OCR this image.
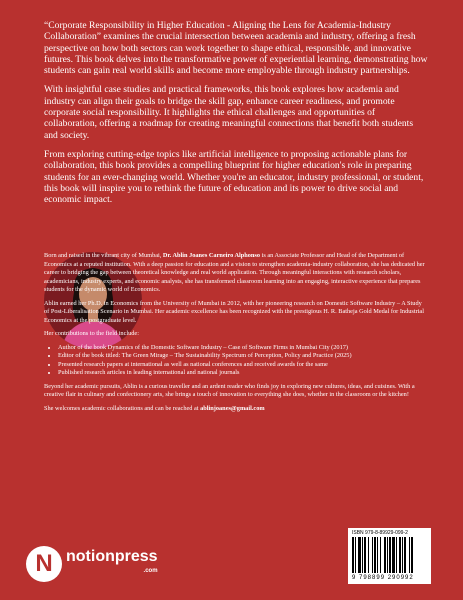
“Corporate Responsibility in Higher Education - Aligning the Lens for Academia-Industry Collaboration” examines the crucial intersection between academia and industry, offering a fresh perspective on how both sectors can work together to shape ethical, responsible, and innovative futures. This book delves into the transformative power of experiential learning, demonstrating how students can gain real world skills and become more employable through industry partnerships.

With insightful case studies and practical frameworks, this book explores how academia and industry can align their goals to bridge the skill gap, enhance career readiness, and promote corporate social responsibility. It highlights the ethical challenges and opportunities of collaboration, offering a roadmap for creating meaningful connections that benefit both students and society.

From exploring cutting-edge topics like artificial intelligence to proposing actionable plans for collaboration, this book provides a compelling blueprint for higher education's role in preparing students for an ever-changing world. Whether you're an educator, industry professional, or student, this book will inspire you to rethink the future of education and its power to drive social and economic impact.

Born and raised in the vibrant city of Mumbai, Dr. Ablin Joanes Carneiro Alphonso is an Associate Professor and Head of the Department of Economics at a reputed institution. With a deep passion for education and a vision to strengthen academia-industry collaboration, she has dedicated her career to bridging the gap between theoretical knowledge and real world application. Through meaningful interactions with research scholars, academicians, industry experts, and economic analysts, she has transformed classroom learning into an engaging, interactive experience that prepares students for the dynamic world of Economics.

Ablin earned her Ph.D. in Economics from the University of Mumbai in 2012, with her pioneering research on Domestic Software Industry – A Study of Post-Liberalisation Scenario in Mumbai. Her academic excellence has been recognized with the prestigious H. R. Batheja Gold Medal for Industrial Economics at the postgraduate level.

Her contributions to the field include:

• Author of the book Dynamics of the Domestic Software Industry – Case of Software Firms in Mumbai City (2017)
• Editor of the book titled: The Green Mirage – The Sustainability Spectrum of Perception, Policy and Practice (2025)
• Presented research papers at international as well as national conferences and received awards for the same
• Published research articles in leading international and national journals

Beyond her academic pursuits, Ablin is a curious traveller and an ardent reader who finds joy in exploring new cultures, ideas, and cuisines. With a creative flair in culinary and confectionery arts, she brings a touch of innovation to everything she does, whether in the classroom or the kitchen!

She welcomes academic collaborations and can be reached at ablinjoanes@gmail.com

N notionpress
.com
ISBN 979-8-89929-099-2
9 798899 290992
